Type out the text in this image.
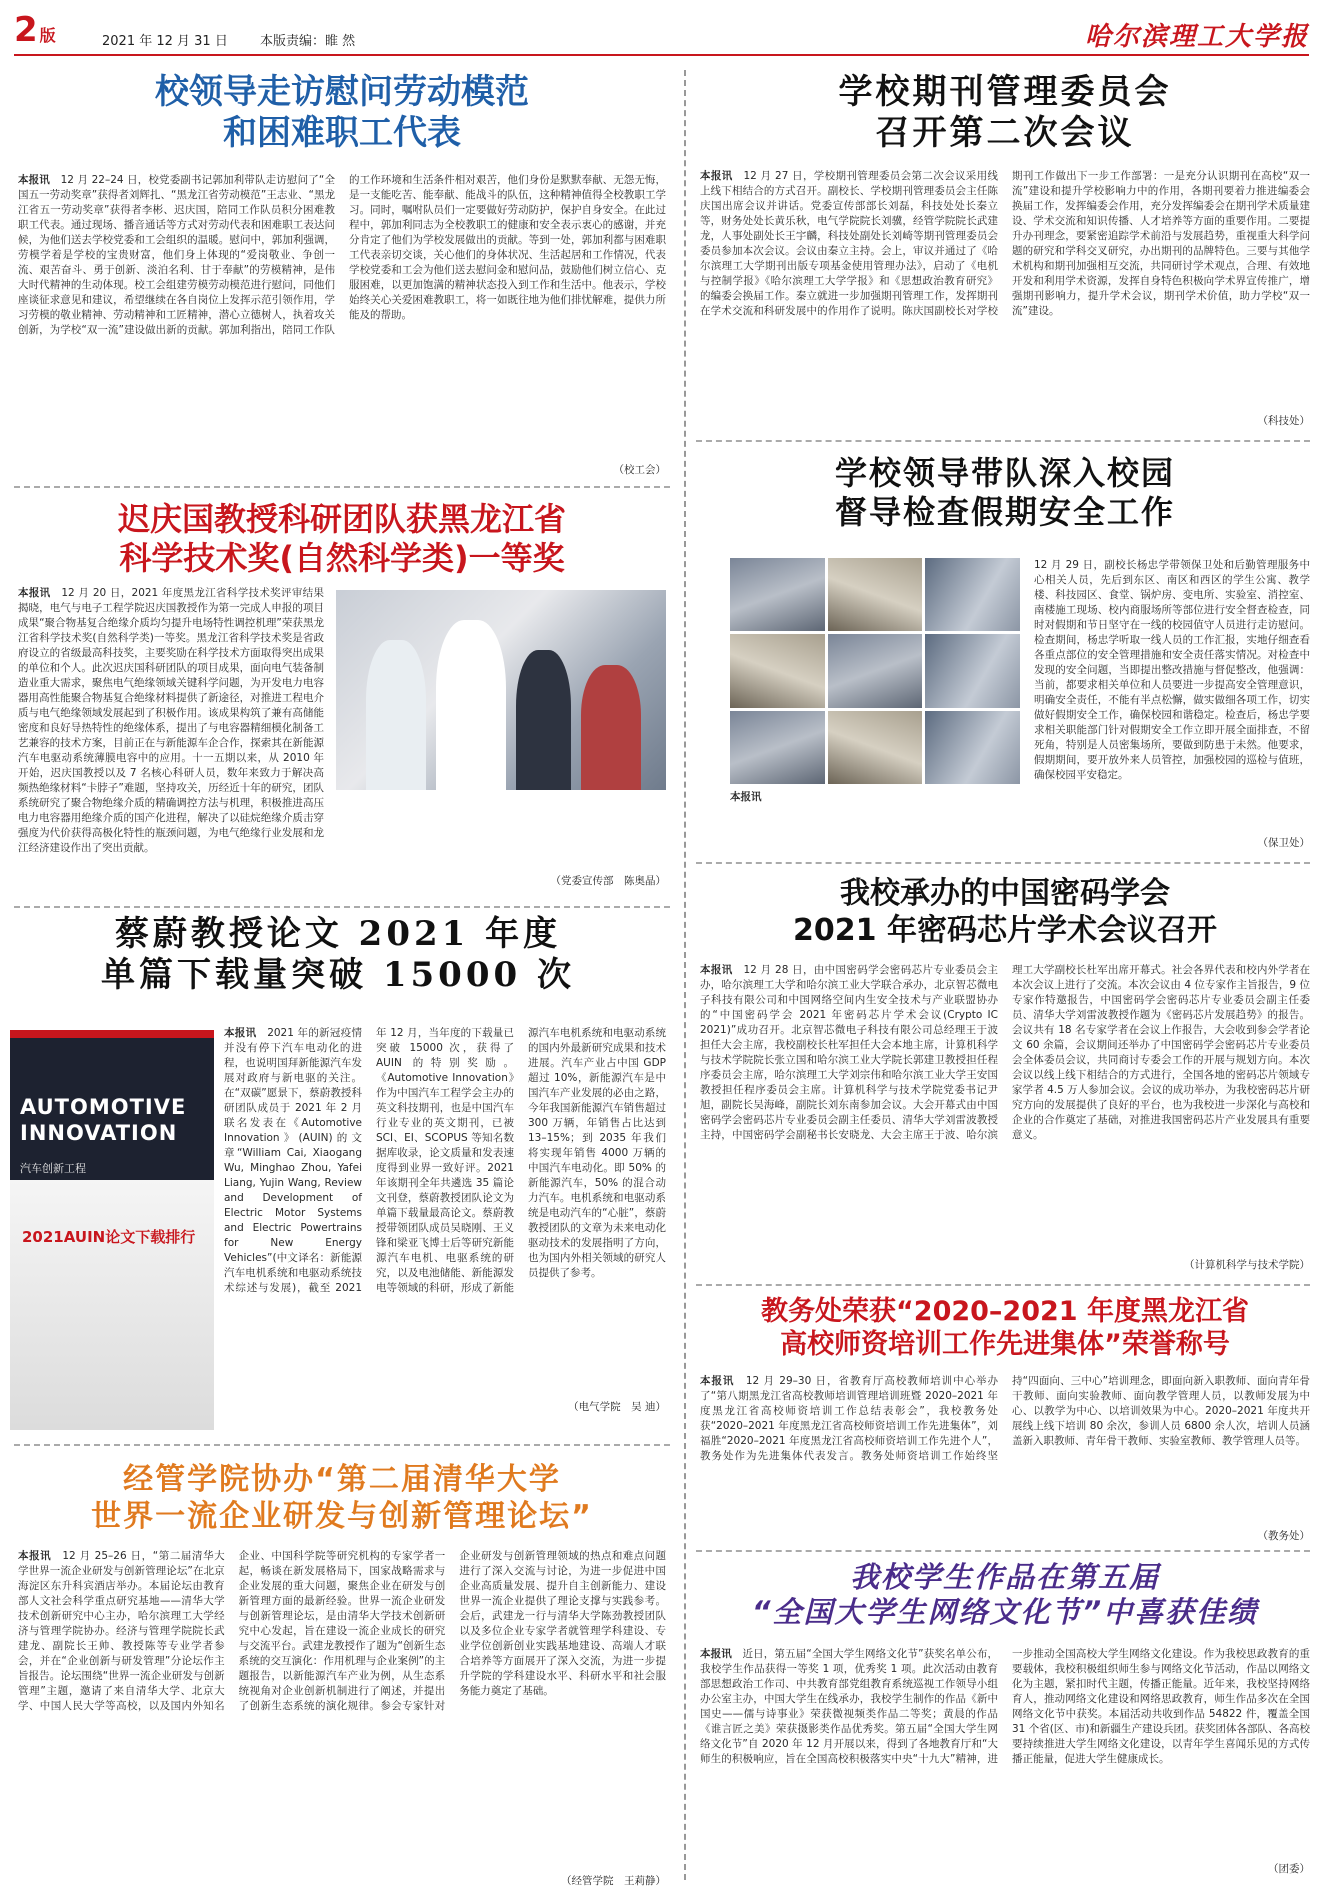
2 版	2021 年 12 月 31 日 本版责编：睢 然	哈尔滨理工大学报
校领导走访慰问劳动模范
和困难职工代表
本报讯　 12 月 22–24 日，校党委副书记郭加利带队走访慰问了“全国五一劳动奖章”获得者刘辉扎、“黑龙江省劳动模范”王志业、“黑龙江省五一劳动奖章”获得者李彬、迟庆国，陪同工作队员积分困难教职工代表。通过现场、播音通话等方式对劳动代表和困难职工表达问候，为他们送去学校党委和工会组织的温暖。慰问中，郭加利强调，劳模学着是学校的宝贵财富，他们身上体现的“爱岗敬业、争创一流、艰苦奋斗、勇于创新、淡泊名利、甘于奉献”的劳模精神，是伟大时代精神的生动体现。校工会组建劳模劳动模范进行慰问，同他们座谈征求意见和建议，希望继续在各自岗位上发挥示范引领作用，学习劳模的敬业精神、劳动精神和工匠精神，潜心立德树人，执着攻关创新，为学校“双一流”建设做出新的贡献。郭加利指出，陪同工作队的工作环境和生活条件相对艰苦，他们身份是默默奉献、无怨无悔，是一支能吃苦、能奉献、能战斗的队伍，这种精神值得全校教职工学习。同时，嘱咐队员们一定要做好劳动防护，保护自身安全。在此过程中，郭加利同志为全校教职工的健康和安全表示衷心的感谢，并充分肯定了他们为学校发展做出的贡献。等到一处，郭加利都与困难职工代表亲切交谈，关心他们的身体状况、生活起居和工作情况，代表学校党委和工会为他们送去慰问金和慰问品，鼓励他们树立信心、克服困难，以更加饱满的精神状态投入到工作和生活中。他表示，学校始终关心关爱困难教职工，将一如既往地为他们排忧解难，提供力所能及的帮助。
（校工会）
迟庆国教授科研团队获黑龙江省
科学技术奖(自然科学类)一等奖
本报讯　 12 月 20 日，2021 年度黑龙江省科学技术奖评审结果揭晓，电气与电子工程学院迟庆国教授作为第一完成人申报的项目成果“聚合物基复合绝缘介质均匀提升电场特性调控机理”荣获黑龙江省科学技术奖(自然科学类)一等奖。黑龙江省科学技术奖是省政府设立的省级最高科技奖，主要奖励在科学技术方面取得突出成果的单位和个人。此次迟庆国科研团队的项目成果，面向电气装备制造业重大需求，聚焦电气绝缘领域关键科学问题，为开发电力电容器用高性能聚合物基复合绝缘材料提供了新途径，对推进工程电介质与电气绝缘领域发展起到了积极作用。该成果构筑了兼有高储能密度和良好导热特性的绝缘体系，提出了与电容器精细模化制备工艺兼容的技术方案，目前正在与新能源车企合作，探索其在新能源汽车电驱动系统薄膜电容中的应用。十一五期以来，从 2010 年开始，迟庆国教授以及 7 名核心科研人员，数年来致力于解决高频热绝缘材料“卡脖子”难题，坚持攻关，历经近十年的研究，团队系统研究了聚合物绝缘介质的精确调控方法与机理，积极推进高压电力电容器用绝缘介质的国产化进程，解决了以硅烷绝缘介质击穿强度为代价获得高极化特性的瓶颈问题，为电气绝缘行业发展和龙江经济建设作出了突出贡献。
（党委宣传部　陈奥晶）
蔡蔚教授论文 2021 年度
单篇下载量突破 15000 次
AUTOMOTIVE
INNOVATION
2021AUIN论文下载排行
汽车创新工程
本报讯　 2021 年的新冠疫情并没有停下汽车电动化的进程，也说明国拜新能源汽车发展对政府与新电驱的关注。在“双碳”愿景下，蔡蔚教授科研团队成员于 2021 年 2 月联名发表在《Automotive Innovation》(AUIN)的文章“William Cai, Xiaogang Wu, Minghao Zhou, Yafei Liang, Yujin Wang, Review and Development of Electric Motor Systems and Electric Powertrains for New Energy Vehicles”(中文译名：新能源汽车电机系统和电驱动系统技术综述与发展)，截至 2021 年 12 月，当年度的下载量已突破 15000 次，获得了 AUIN 的特别奖励。《Automotive Innovation》作为中国汽车工程学会主办的英文科技期刊，也是中国汽车行业专业的英文期刊，已被 SCI、EI、SCOPUS 等知名数据库收录，论文质量和发表速度得到业界一致好评。2021 年该期刊全年共遴选 35 篇论文刊登，蔡蔚教授团队论文为单篇下载量最高论文。蔡蔚教授带领团队成员吴晓刚、王义锋和梁亚飞博士后等研究新能源汽车电机、电驱系统的研究，以及电池储能、新能源发电等领域的科研，形成了新能源汽车电机系统和电驱动系统的国内外最新研究成果和技术进展。汽车产业占中国 GDP 超过 10%，新能源汽车是中国汽车产业发展的必由之路，今年我国新能源汽车销售超过 300 万辆，年销售占比达到 13–15%；到 2035 年我们将实现年销售 4000 万辆的中国汽车电动化。即 50% 的新能源汽车，50% 的混合动力汽车。电机系统和电驱动系统是电动汽车的“心脏”，蔡蔚教授团队的文章为未来电动化驱动技术的发展指明了方向，也为国内外相关领域的研究人员提供了参考。
（电气学院　吴 迪）
经管学院协办“第二届清华大学
世界一流企业研发与创新管理论坛”
本报讯　 12 月 25–26 日，“第二届清华大学世界一流企业研发与创新管理论坛”在北京海淀区东升科宾酒店举办。本届论坛由教育部人文社会科学重点研究基地——清华大学技术创新研究中心主办，哈尔滨理工大学经济与管理学院协办。经济与管理学院院长武建龙、副院长王帅、教授陈等专业学者参会，并在“企业创新与研发管理”分论坛作主旨报告。论坛围绕“世界一流企业研发与创新管理”主题，邀请了来自清华大学、北京大学、中国人民大学等高校，以及国内外知名企业、中国科学院等研究机构的专家学者一起，畅谈在新发展格局下，国家战略需求与企业发展的重大问题，聚焦企业在研发与创新管理方面的最新经验。世界一流企业研发与创新管理论坛，是由清华大学技术创新研究中心发起，旨在建设一流企业成长的研究与交流平台。武建龙教授作了题为“创新生态系统的交互演化：作用机理与企业案例”的主题报告，以新能源汽车产业为例，从生态系统视角对企业创新机制进行了阐述，并提出了创新生态系统的演化规律。参会专家针对企业研发与创新管理领域的热点和难点问题进行了深入交流与讨论，为进一步促进中国企业高质量发展、提升自主创新能力、建设世界一流企业提供了理论支撑与实践参考。会后，武建龙一行与清华大学陈劲教授团队以及多位企业专家学者就管理学科建设、专业学位创新创业实践基地建设、高端人才联合培养等方面展开了深入交流，为进一步提升学院的学科建设水平、科研水平和社会服务能力奠定了基础。
（经管学院　王莉静）
学校期刊管理委员会
召开第二次会议
本报讯　 12 月 27 日，学校期刊管理委员会第二次会议采用线上线下相结合的方式召开。副校长、学校期刊管理委员会主任陈庆国出席会议并讲话。党委宣传部部长刘磊，科技处处长秦立等，财务处处长黄乐秋，电气学院院长刘骥，经管学院院长武建龙，人事处副处长王宇麟，科技处副处长刘崎等期刊管理委员会委员参加本次会议。会议由秦立主持。会上，审议并通过了《哈尔滨理工大学期刊出版专项基金使用管理办法》，启动了《电机与控制学报》《哈尔滨理工大学学报》和《思想政治教育研究》的编委会换届工作。秦立就进一步加强期刊管理工作，发挥期刊在学术交流和科研发展中的作用作了说明。陈庆国副校长对学校期刊工作做出下一步工作部署：一是充分认识期刊在高校“双一流”建设和提升学校影响力中的作用，各期刊要着力推进编委会换届工作，发挥编委会作用，充分发挥编委会在期刊学术质量建设、学术交流和知识传播、人才培养等方面的重要作用。二要提升办刊理念，要紧密追踪学术前沿与发展趋势，重视重大科学问题的研究和学科交叉研究，办出期刊的品牌特色。三要与其他学术机构和期刊加强相互交流，共同研讨学术观点，合理、有效地开发和利用学术资源，发挥自身特色积极向学术界宣传推广，增强期刊影响力，提升学术会议，期刊学术价值，助力学校“双一流”建设。
（科技处）
学校领导带队深入校园
督导检查假期安全工作
12 月 29 日，副校长杨忠学带领保卫处和后勤管理服务中心相关人员，先后到东区、南区和西区的学生公寓、教学楼、科技园区、食堂、锅炉房、变电所、实验室、消控室、南楼施工现场、校内商服场所等部位进行安全督查检查，同时对假期和节日坚守在一线的校园值守人员进行走访慰问。检查期间，杨忠学听取一线人员的工作汇报，实地仔细查看各重点部位的安全管理措施和安全责任落实情况。对检查中发现的安全问题，当即提出整改措施与督促整改，他强调：当前，都要求相关单位和人员要进一步提高安全管理意识，明确安全责任，不能有半点松懈，做实做细各项工作，切实做好假期安全工作，确保校园和谐稳定。检查后，杨忠学要求相关职能部门针对假期安全工作立即开展全面排查，不留死角，特别是人员密集场所，要做到防患于未然。他要求，假期期间，要开放外来人员管控，加强校园的巡检与值班，确保校园平安稳定。
本报讯
（保卫处）
我校承办的中国密码学会
2021 年密码芯片学术会议召开
本报讯　 12 月 28 日，由中国密码学会密码芯片专业委员会主办，哈尔滨理工大学和哈尔滨工业大学联合承办，北京智芯微电子科技有限公司和中国网络空间内生安全技术与产业联盟协办的“中国密码学会 2021 年密码芯片学术会议(Crypto IC 2021)”成功召开。北京智芯微电子科技有限公司总经理王于波担任大会主席，我校副校长杜军担任大会本地主席，计算机科学与技术学院院长张立国和哈尔滨工业大学院长郭建卫教授担任程序委员会主席，哈尔滨理工大学刘宗伟和哈尔滨工业大学王安国教授担任程序委员会主席。计算机科学与技术学院党委书记尹旭，副院长吴海峰，副院长刘东南参加会议。大会开幕式由中国密码学会密码芯片专业委员会副主任委员、清华大学刘雷波教授主持，中国密码学会副秘书长安晓龙、大会主席王于波、哈尔滨理工大学副校长杜军出席开幕式。社会各界代表和校内外学者在本次会议上进行了交流。本次会议由 4 位专家作主旨报告，9 位专家作特邀报告，中国密码学会密码芯片专业委员会副主任委员、清华大学刘雷波教授作题为《密码芯片发展趋势》的报告。会议共有 18 名专家学者在会议上作报告，大会收到参会学者论文 60 余篇，会议期间还举办了中国密码学会密码芯片专业委员会全体委员会议，共同商讨专委会工作的开展与规划方向。本次会议以线上线下相结合的方式进行，全国各地的密码芯片领域专家学者 4.5 万人参加会议。会议的成功举办，为我校密码芯片研究方向的发展提供了良好的平台，也为我校进一步深化与高校和企业的合作奠定了基础，对推进我国密码芯片产业发展具有重要意义。
（计算机科学与技术学院）
教务处荣获“2020–2021 年度黑龙江省
高校师资培训工作先进集体”荣誉称号
本报讯　 12 月 29–30 日，省教育厅高校教师培训中心举办了“第八期黑龙江省高校教师培训管理培训班暨 2020–2021 年度黑龙江省高校师资培训工作总结表彰会”，我校教务处获“2020–2021 年度黑龙江省高校师资培训工作先进集体”，刘福胜“2020–2021 年度黑龙江省高校师资培训工作先进个人”，教务处作为先进集体代表发言。教务处师资培训工作始终坚持“四面向、三中心”培训理念，即面向新入职教师、面向青年骨干教师、面向实验教师、面向教学管理人员，以教师发展为中心、以教学为中心、以培训效果为中心。2020–2021 年度共开展线上线下培训 80 余次，参训人员 6800 余人次，培训人员涵盖新入职教师、青年骨干教师、实验室教师、教学管理人员等。
（教务处）
我校学生作品在第五届
“全国大学生网络文化节”中喜获佳绩
本报讯　 近日，第五届“全国大学生网络文化节”获奖名单公布，我校学生作品获得一等奖 1 项，优秀奖 1 项。此次活动由教育部思想政治工作司、中共教育部党组教育系统巡视工作领导小组办公室主办，中国大学生在线承办，我校学生制作的作品《新中国史——儒与诗事业》荣获微视频类作品二等奖；黄晨的作品《谁言匠之美》荣获摄影类作品优秀奖。第五届“全国大学生网络文化节”自 2020 年 12 月开展以来，得到了各地教育厅和“大师生的积极响应，旨在全国高校积极落实中央“十九大”精神，进一步推动全国高校大学生网络文化建设。作为我校思政教育的重要载体，我校积极组织师生参与网络文化节活动，作品以网络文化为主题，紧扣时代主题，传播正能量。近年来，我校坚持网络育人，推动网络文化建设和网络思政教育，师生作品多次在全国网络文化节中获奖。本届活动共收到作品 54822 件，覆盖全国 31 个省(区、市)和新疆生产建设兵团。获奖团体各部队、各高校要持续推进大学生网络文化建设，以青年学生喜闻乐见的方式传播正能量，促进大学生健康成长。
（团委）
